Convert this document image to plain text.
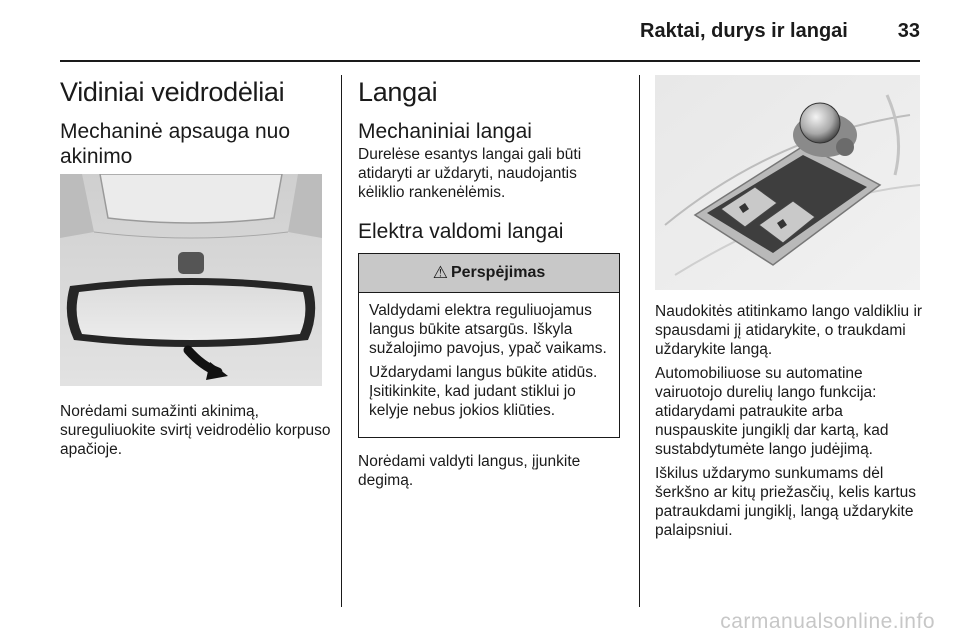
Raktai, durys ir langai	33
Vidiniai veidrodėliai
Mechaninė apsauga nuo akinimo

Norėdami sumažinti akinimą, sureguliuokite svirtį veidrodėlio korpuso apačioje.

Langai
Mechaniniai langai

Durelėse esantys langai gali būti atidaryti ar uždaryti, naudojantis kėliklio rankenėlėmis.

Elektra valdomi langai
⚠ Perspėjimas

Valdydami elektra reguliuojamus langus būkite atsargūs. Iškyla sužalojimo pavojus, ypač vaikams.

Uždarydami langus būkite atidūs. Įsitikinkite, kad judant stiklui jo kelyje nebus jokios kliūties.

Norėdami valdyti langus, įjunkite degimą.

Naudokitės atitinkamo lango valdikliu ir spausdami jį atidarykite, o traukdami uždarykite langą.

Automobiliuose su automatine vairuotojo durelių lango funkcija: atidarydami patraukite arba nuspauskite jungiklį dar kartą, kad sustabdytumėte lango judėjimą.

Iškilus uždarymo sunkumams dėl šerkšno ar kitų priežasčių, kelis kartus patraukdami jungiklį, langą uždarykite palaipsniui.

carmanualsonline.info
